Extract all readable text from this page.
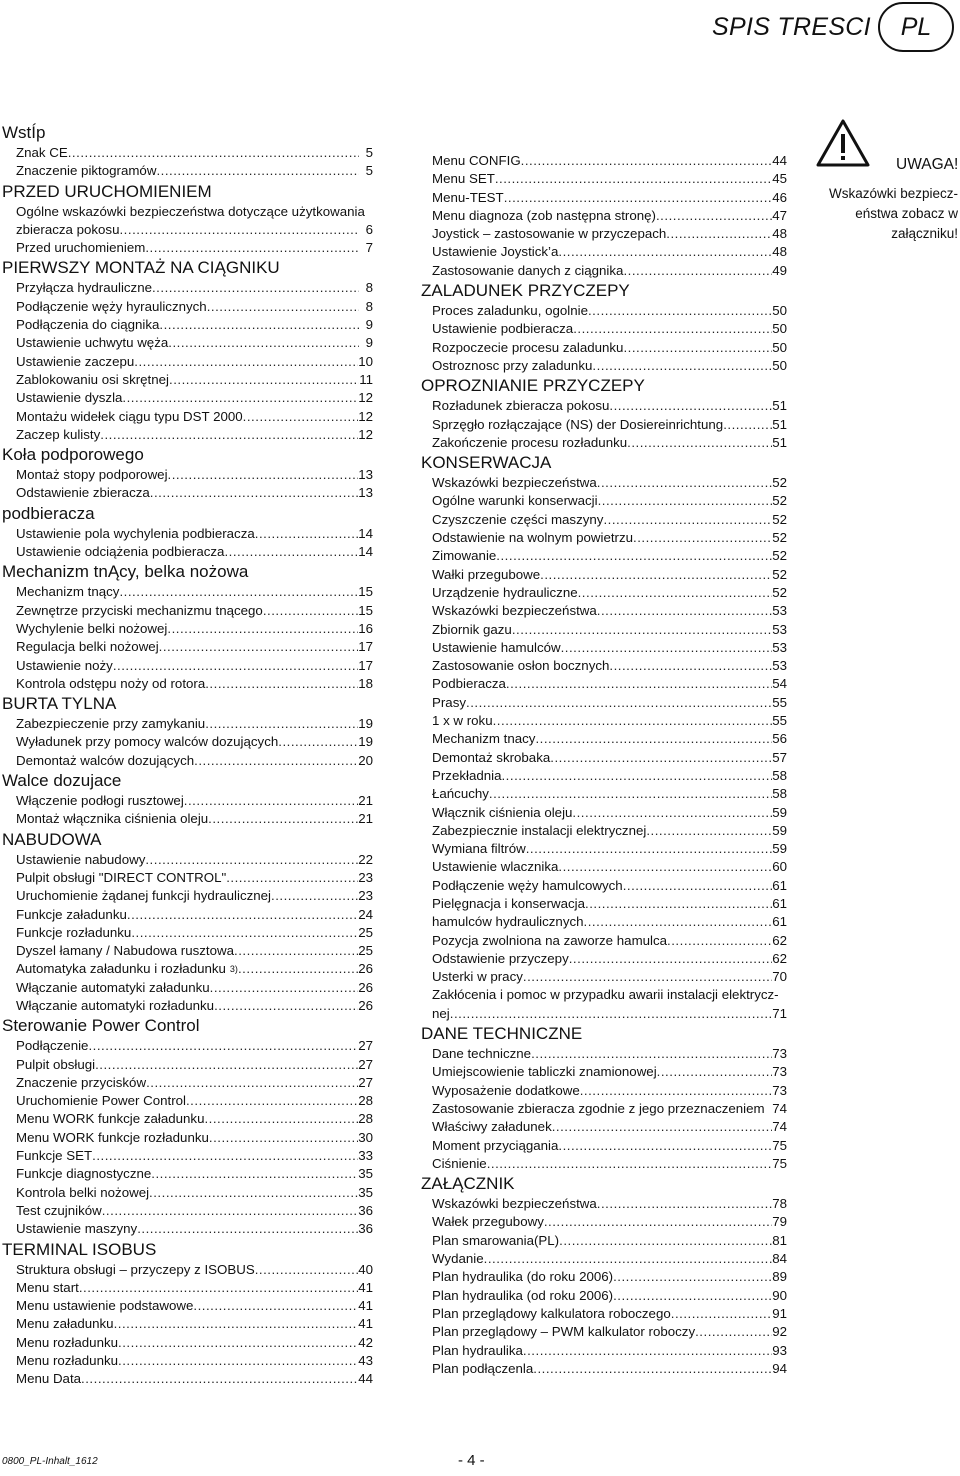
SPIS TRESCI	PL
WstÍp
Znak CE .....	5
Znaczenie piktogramów .....	5
PRZED URUCHOMIENIEM
Ogólne wskazówki bezpieczeństwa dotyczące użytkowania
zbieracza pokosu .....	6
Przed uruchomieniem .....	7
PIERWSZY MONTAŻ NA CIĄGNIKU
Przyłącza hydrauliczne .....	8
Podłączenie węży hyraulicznych .....	8
Podłączenia do ciągnika .....	9
Ustawienie uchwytu węża .....	9
Ustawienie zaczepu .....	10
Zablokowaniu osi skrętnej .....	11
Ustawienie dyszla .....	12
Montażu widełek ciągu typu DST 2000 .....	12
Zaczep kulisty .....	12
Koła podporowego
Montaż stopy podporowej .....	13
Odstawienie zbieracza .....	13
podbieracza
Ustawienie pola wychylenia podbieracza .....	14
Ustawienie odciążenia podbieracza .....	14
Mechanizm tnĄcy, belka nożowa
Mechanizm tnący .....	15
Zewnętrze przyciski mechanizmu tnącego .....	15
Wychylenie belki nożowej .....	16
Regulacja belki nożowej .....	17
Ustawienie noży .....	17
Kontrola odstępu noży od rotora .....	18
BURTA TYLNA
Zabezpieczenie przy zamykaniu .....	19
Wyładunek przy pomocy walców dozujących .....	19
Demontaż walców dozujących .....	20
Walce dozujace
Włączenie podłogi rusztowej .....	21
Montaż włącznika ciśnienia oleju .....	21
NABUDOWA
Ustawienie nabudowy .....	22
Pulpit obsługi "DIRECT CONTROL" .....	23
Uruchomienie żądanej funkcji hydraulicznej .....	23
Funkcje załadunku .....	24
Funkcje rozładunku .....	25
Dyszel łamany / Nabudowa rusztowa .....	25
Automatyka załadunku i rozładunku 3) .....	26
Włączanie automatyki załadunku .....	26
Włączanie automatyki rozładunku .....	26
Sterowanie Power Control
Podłączenie .....	27
Pulpit obsługi .....	27
Znaczenie przycisków .....	27
Uruchomienie Power Control .....	28
Menu WORK funkcje załadunku .....	28
Menu WORK funkcje rozładunku .....	30
Funkcje SET .....	33
Funkcje diagnostyczne .....	35
Kontrola belki nożowej .....	35
Test czujników .....	36
Ustawienie maszyny .....	36
TERMINAL ISOBUS
Struktura obsługi – przyczepy z ISOBUS .....	40
Menu start .....	41
Menu ustawienie podstawowe .....	41
Menu załadunku .....	41
Menu rozładunku .....	42
Menu rozładunku .....	43
Menu Data .....	44
Menu CONFIG .....	44
Menu SET .....	45
Menu-TEST .....	46
Menu diagnoza (zob następna stronę) .....	47
Joystick – zastosowanie w przyczepach .....	48
Ustawienie Joystick’a .....	48
Zastosowanie danych z ciągnika .....	49
ZALADUNEK PRZYCZEPY
Proces zaladunku, ogolnie .....	50
Ustawienie podbieracza .....	50
Rozpoczecie procesu zaladunku .....	50
Ostroznosc przy zaladunku .....	50
OPROZNIANIE PRZYCZEPY
Rozładunek zbieracza pokosu .....	51
Sprzęgło rozłączające (NS) der Dosiereinrichtung .....	51
Zakończenie procesu rozładunku .....	51
KONSERWACJA
Wskazówki bezpieczeństwa .....	52
Ogólne warunki konserwacji .....	52
Czyszczenie części maszyny .....	52
Odstawienie na wolnym powietrzu .....	52
Zimowanie .....	52
Wałki przegubowe .....	52
Urządzenie hydrauliczne .....	52
Wskazówki bezpieczeństwa .....	53
Zbiornik gazu .....	53
Ustawienie hamulców .....	53
Zastosowanie osłon bocznych .....	53
Podbieracza .....	54
Prasy .....	55
1 x w roku .....	55
Mechanizm tnacy .....	56
Demontaż skrobaka .....	57
Przekładnia .....	58
Łańcuchy .....	58
Włącznik ciśnienia oleju .....	59
Zabezpiecznie instalacji elektrycznej .....	59
Wymiana filtrów .....	59
Ustawienie wlacznika .....	60
Podłączenie węży hamulcowych .....	61
Pielęgnacja i konserwacja .....	61
hamulców hydraulicznych .....	61
Pozycja zwolniona na zaworze hamulca .....	62
Odstawienie przyczepy .....	62
Usterki w pracy .....	70
Zakłócenia i pomoc w przypadku awarii instalacji elektrycz-
nej .....	71
DANE TECHNICZNE
Dane techniczne .....	73
Umiejscowienie tabliczki znamionowej .....	73
Wyposażenie dodatkowe .....	73
Zastosowanie zbieracza zgodnie z jego przeznaczeniem 74
Właściwy załadunek .....	74
Moment przyciągania .....	75
Ciśnienie .....	75
ZAŁĄCZNIK
Wskazówki bezpieczeństwa .....	78
Wałek przegubowy .....	79
Plan smarowania(PL) .....	81
Wydanie .....	84
Plan hydraulika (do roku 2006) .....	89
Plan hydraulika (od roku 2006) .....	90
Plan przeglądowy kalkulatora roboczego .....	91
Plan przeglądowy – PWM kalkulator roboczy .....	92
Plan hydraulika .....	93
Plan podłączenla .....	94
UWAGA!
Wskazówki bezpiecz-eństwa zobacz w załączniku!
0800_PL-Inhalt_1612	- 4 -
